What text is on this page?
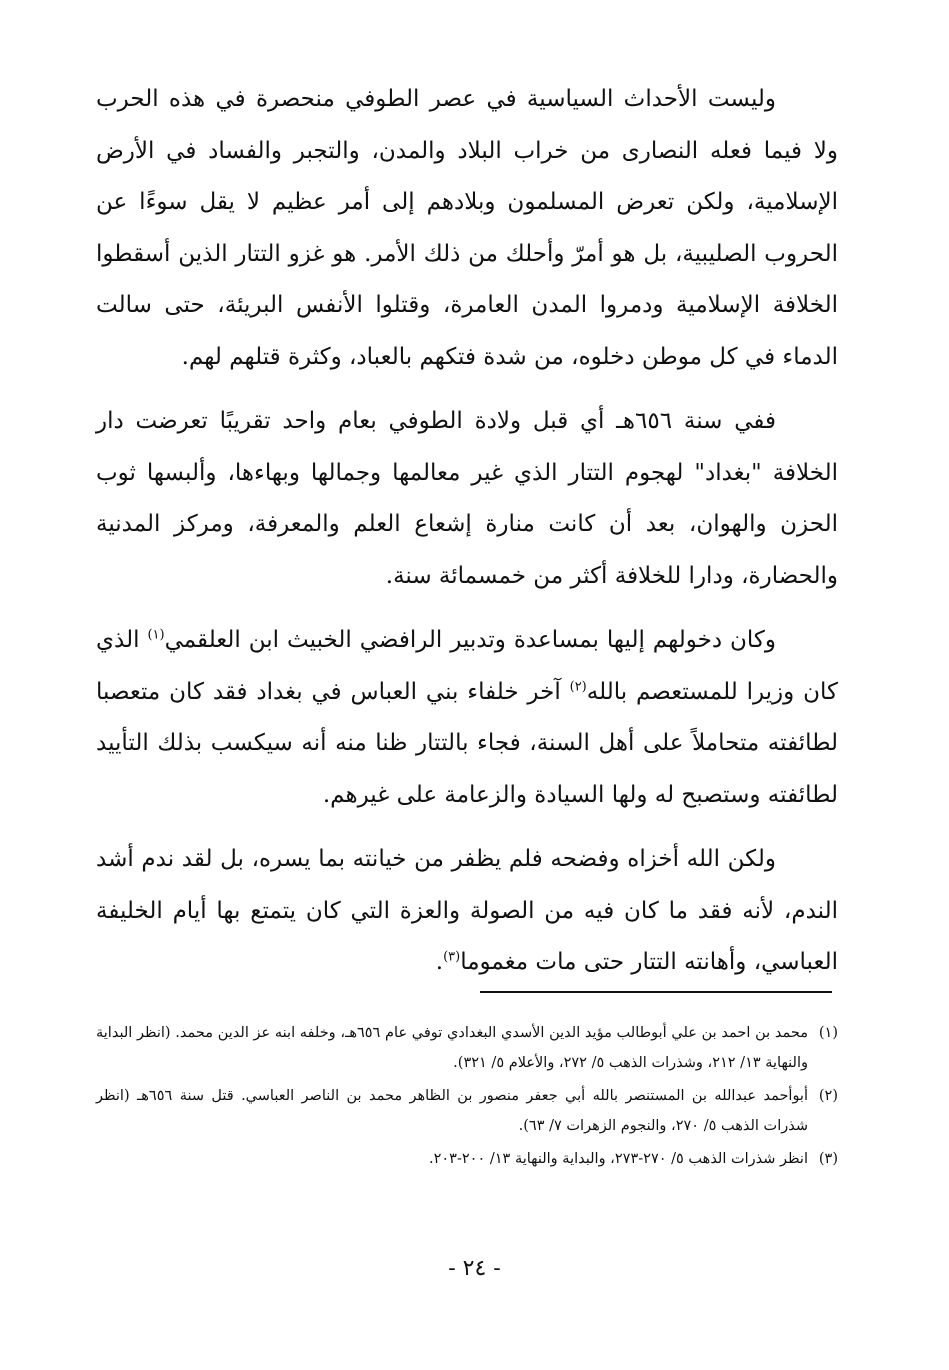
وليست الأحداث السياسية في عصر الطوفي منحصرة في هذه الحرب ولا فيما فعله النصارى من خراب البلاد والمدن، والتجبر والفساد في الأرض الإسلامية، ولكن تعرض المسلمون وبلادهم إلى أمر عظيم لا يقل سوءًا عن الحروب الصليبية، بل هو أمرّ وأحلك من ذلك الأمر. هو غزو التتار الذين أسقطوا الخلافة الإسلامية ودمروا المدن العامرة، وقتلوا الأنفس البريئة، حتى سالت الدماء في كل موطن دخلوه، من شدة فتكهم بالعباد، وكثرة قتلهم لهم.

ففي سنة ٦٥٦هـ أي قبل ولادة الطوفي بعام واحد تقريبًا تعرضت دار الخلافة "بغداد" لهجوم التتار الذي غير معالمها وجمالها وبهاءها، وألبسها ثوب الحزن والهوان، بعد أن كانت منارة إشعاع العلم والمعرفة، ومركز المدنية والحضارة، ودارا للخلافة أكثر من خمسمائة سنة.

وكان دخولهم إليها بمساعدة وتدبير الرافضي الخبيث ابن العلقمي$^{(١)}$ الذي كان وزيرا للمستعصم بالله$^{(٢)}$ آخر خلفاء بني العباس في بغداد فقد كان متعصبا لطائفته متحاملاً على أهل السنة، فجاء بالتتار ظنا منه أنه سيكسب بذلك التأييد لطائفته وستصبح له ولها السيادة والزعامة على غيرهم.

ولكن الله أخزاه وفضحه فلم يظفر من خيانته بما يسره، بل لقد ندم أشد الندم، لأنه فقد ما كان فيه من الصولة والعزة التي كان يتمتع بها أيام الخليفة العباسي، وأهانته التتار حتى مات مغموما$^{(٣)}$.

(١)
محمد بن احمد بن علي أبوطالب مؤيد الدين الأسدي البغدادي توفي عام ٦٥٦هـ، وخلفه ابنه عز الدين محمد. (انظر البداية والنهاية ١٣/ ٢١٢، وشذرات الذهب ٥/ ٢٧٢، والأعلام ٥/ ٣٢١).
(٢)
أبوأحمد عبدالله بن المستنصر بالله أبي جعفر منصور بن الظاهر محمد بن الناصر العباسي. قتل سنة ٦٥٦هـ (انظر شذرات الذهب ٥/ ٢٧٠، والنجوم الزهرات ٧/ ٦٣).
(٣)
انظر شذرات الذهب ٥/ ٢٧٠-٢٧٣، والبداية والنهاية ١٣/ ٢٠٠-٢٠٣.
- ٢٤ -
